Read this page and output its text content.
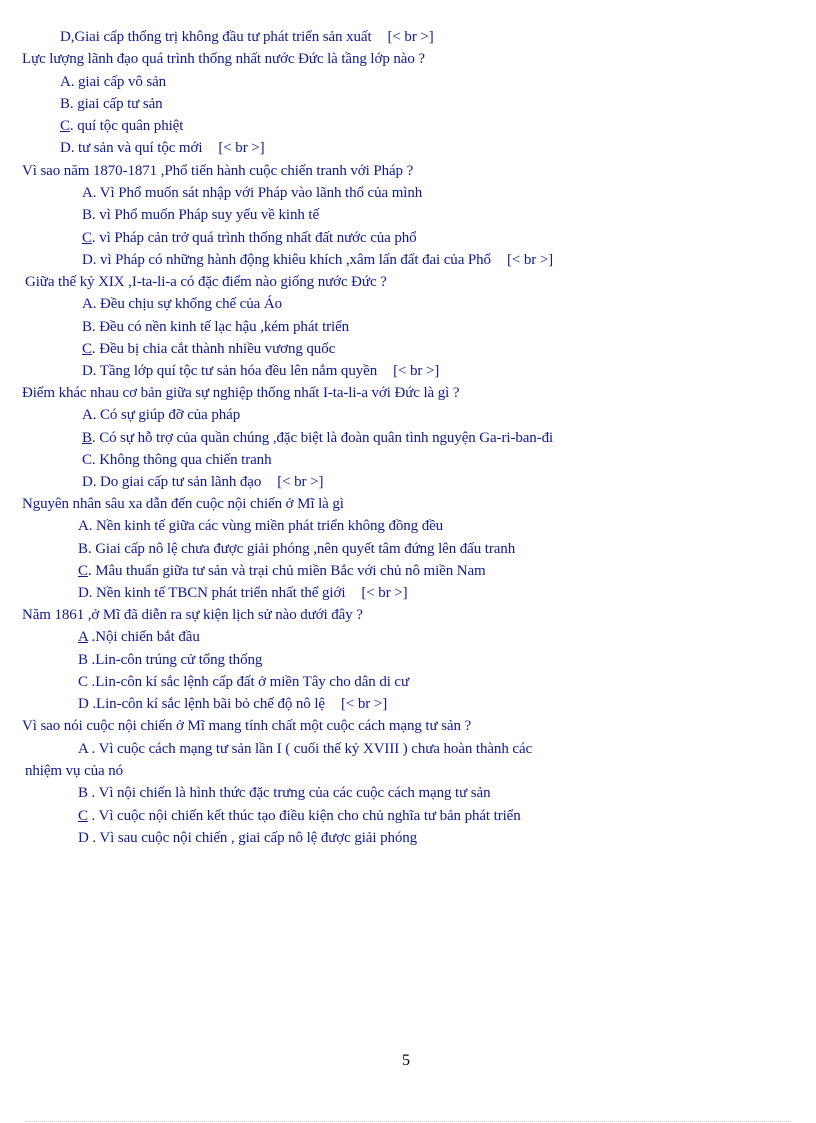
D,Giai cấp thống trị không đầu tư phát triển sản xuất [< br >]
Lực lượng lãnh đạo quá trình thống nhất nước Đức là tầng lớp nào ?
A. giai cấp vô sản
B. giai cấp tư sản
C. quí tộc quân phiệt
D. tư sản và quí tộc mới [< br >]
Vì sao năm 1870-1871 ,Phổ tiến hành cuộc chiến tranh với Pháp ?
A. Vì Phổ muốn sát nhập với Pháp vào lãnh thổ của mình
B. vì Phổ muốn Pháp suy yếu về kinh tế
C. vì Pháp cản trở quá trình thống nhất đất nước của phổ
D. vì Pháp có những hành động khiêu khích ,xâm lấn đất đai của Phổ [< br >]
Giữa thế kỷ XIX ,I-ta-li-a có đặc điểm nào giống nước Đức ?
A. Đều chịu sự khống chế của Áo
B. Đều có nền kinh tế lạc hậu ,kém phát triển
C. Đều bị chia cắt thành nhiều vương quốc
D. Tầng lớp quí tộc tư sản hóa đều lên nắm quyền [< br >]
Điểm khác nhau cơ bản giữa sự nghiệp thống nhất I-ta-li-a với Đức là gì ?
A. Có sự giúp đỡ của pháp
B. Có sự hỗ trợ của quần chúng ,đặc biệt là đoàn quân tình nguyện Ga-ri-ban-đi
C. Không thông qua chiến tranh
D. Do giai cấp tư sản lãnh đạo [< br >]
Nguyên nhân sâu xa dẫn đến cuộc nội chiến ở Mĩ là gì
A. Nền kinh tế giữa các vùng miền phát triển không đồng đều
B. Giai cấp nô lệ chưa được giải phóng ,nên quyết tâm đứng lên đấu tranh
C. Mâu thuẩn giữa tư sản và trại chủ miền Bắc với chủ nô miền Nam
D. Nền kinh tế TBCN phát triển nhất thế giới [< br >]
Năm 1861 ,ở Mĩ đã diễn ra sự kiện lịch sử nào dưới đây ?
A .Nội chiến bắt đầu
B .Lin-côn trúng cử tổng thống
C .Lin-côn kí sắc lệnh cấp đất ở miền Tây cho dân di cư
D .Lin-côn kí sắc lệnh bãi bỏ chế độ nô lệ [< br >]
Vì sao nói cuộc nội chiến ở Mĩ mang tính chất một cuộc cách mạng tư sản ?
A . Vì cuộc cách mạng tư sản lần I ( cuối thế kỷ XVIII ) chưa hoàn thành các
nhiệm vụ của nó
B . Vì nội chiến là hình thức đặc trưng của các cuộc cách mạng tư sản
C . Vì cuộc nội chiến kết thúc tạo điều kiện cho chủ nghĩa tư bản phát triển
D . Vì sau cuộc nội chiến , giai cấp nô lệ được giải phóng
5
